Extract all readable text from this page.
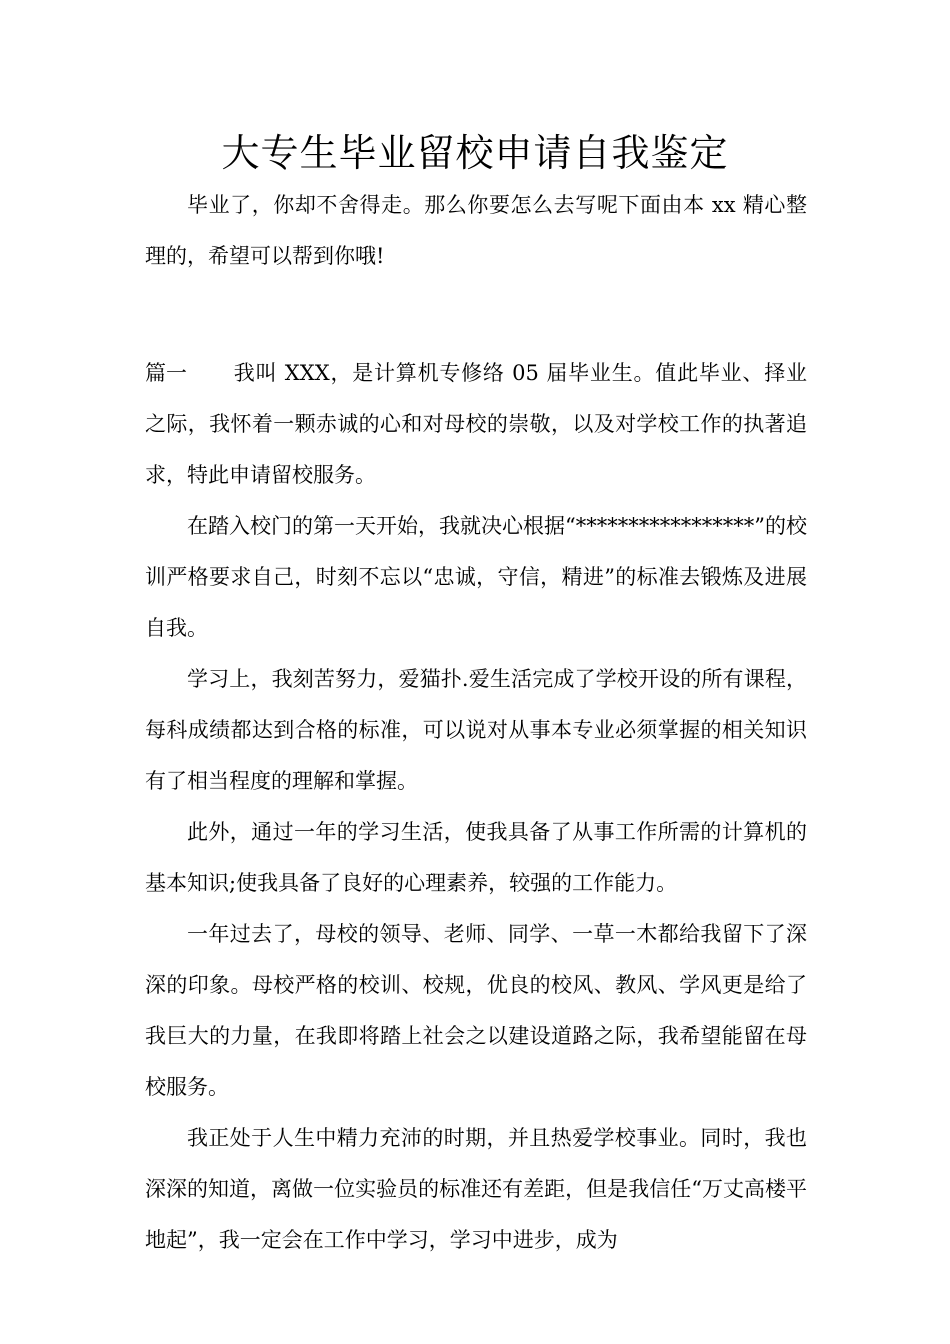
大专生毕业留校申请自我鉴定

毕业了，你却不舍得走。那么你要怎么去写呢下面由本 xx 精心整理的，希望可以帮到你哦!

篇一 我叫 XXX，是计算机专修络 05 届毕业生。值此毕业、择业之际，我怀着一颗赤诚的心和对母校的崇敬，以及对学校工作的执著追求，特此申请留校服务。

在踏入校门的第一天开始，我就决心根据“*****************”的校训严格要求自己，时刻不忘以“忠诚，守信，精进”的标准去锻炼及进展自我。

学习上，我刻苦努力，爱猫扑.爱生活完成了学校开设的所有课程，每科成绩都达到合格的标准，可以说对从事本专业必须掌握的相关知识有了相当程度的理解和掌握。

此外，通过一年的学习生活，使我具备了从事工作所需的计算机的基本知识;使我具备了良好的心理素养，较强的工作能力。

一年过去了，母校的领导、老师、同学、一草一木都给我留下了深深的印象。母校严格的校训、校规，优良的校风、教风、学风更是给了我巨大的力量，在我即将踏上社会之以建设道路之际，我希望能留在母校服务。

我正处于人生中精力充沛的时期，并且热爱学校事业。同时，我也深深的知道，离做一位实验员的标准还有差距，但是我信任“万丈高楼平地起”，我一定会在工作中学习，学习中进步，成为
